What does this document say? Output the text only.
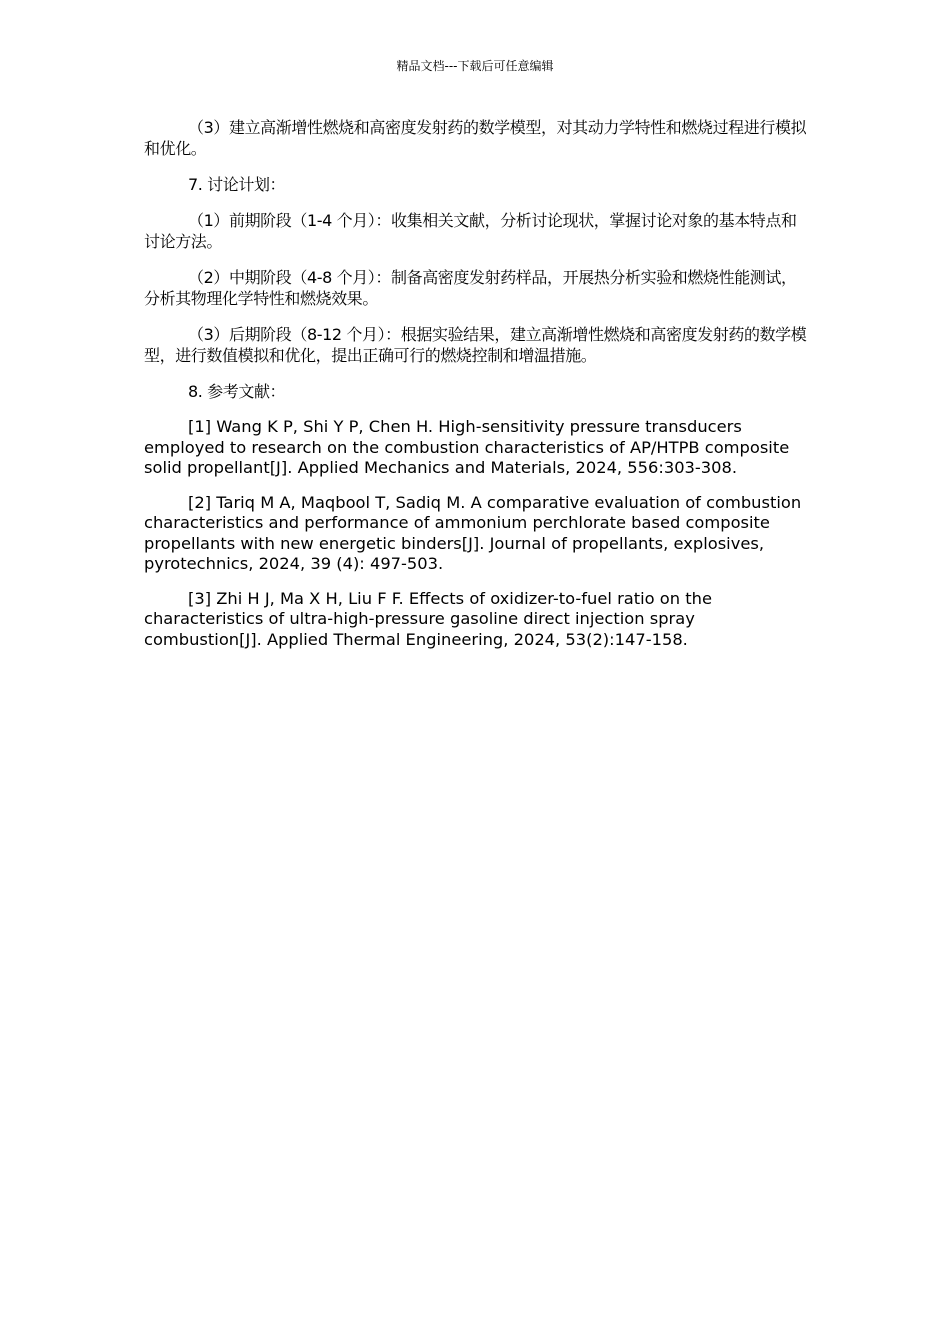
精品文档---下载后可任意编辑

（3）建立高渐增性燃烧和高密度发射药的数学模型，对其动力学特性和燃烧过程进行模拟和优化。

7. 讨论计划：

（1）前期阶段（1-4 个月）：收集相关文献，分析讨论现状，掌握讨论对象的基本特点和讨论方法。

（2）中期阶段（4-8 个月）：制备高密度发射药样品，开展热分析实验和燃烧性能测试，分析其物理化学特性和燃烧效果。

（3）后期阶段（8-12 个月）：根据实验结果，建立高渐增性燃烧和高密度发射药的数学模型，进行数值模拟和优化，提出正确可行的燃烧控制和增温措施。

8. 参考文献：

[1] Wang K P, Shi Y P, Chen H. High-sensitivity pressure transducers employed to research on the combustion characteristics of AP/HTPB composite solid propellant[J]. Applied Mechanics and Materials, 2024, 556:303-308.

[2] Tariq M A, Maqbool T, Sadiq M. A comparative evaluation of combustion characteristics and performance of ammonium perchlorate based composite propellants with new energetic binders[J]. Journal of propellants, explosives, pyrotechnics, 2024, 39 (4): 497-503.

[3] Zhi H J, Ma X H, Liu F F. Effects of oxidizer-to-fuel ratio on the characteristics of ultra-high-pressure gasoline direct injection spray combustion[J]. Applied Thermal Engineering, 2024, 53(2):147-158.
